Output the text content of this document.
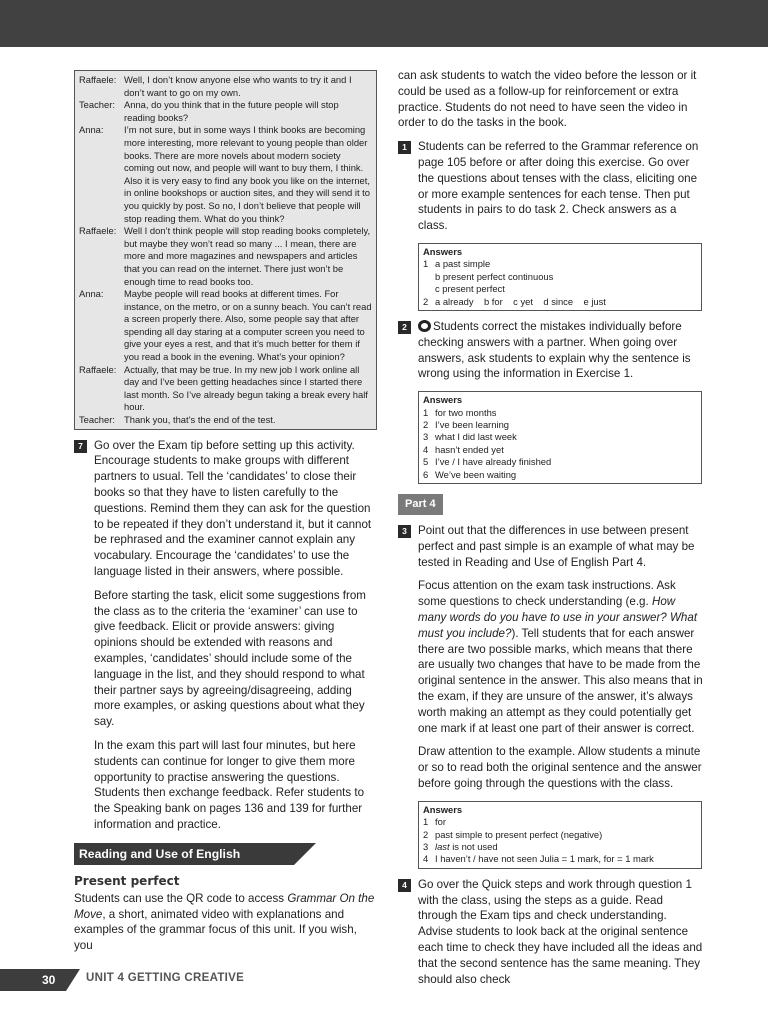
Raffaele: Well, I don’t know anyone else who wants to try it and I don’t want to go on my own.
Teacher: Anna, do you think that in the future people will stop reading books?
Anna:	I’m not sure, but in some ways I think books are becoming more interesting, more relevant to young people than older books. There are more novels about modern society coming out now, and people will want to buy them, I think. Also it is very easy to find any book you like on the internet, in online bookshops or auction sites, and they will send it to you quickly by post. So no, I don’t believe that people will stop reading them. What do you think?
Raffaele: Well I don’t think people will stop reading books completely, but maybe they won’t read so many ... I mean, there are more and more magazines and newspapers and articles that you can read on the internet. There just won’t be enough time to read books too.
Anna:	Maybe people will read books at different times. For instance, on the metro, or on a sunny beach. You can’t read a screen properly there. Also, some people say that after spending all day staring at a computer screen you need to give your eyes a rest, and that it’s much better for them if you read a book in the evening. What’s your opinion?
Raffaele: Actually, that may be true. In my new job I work online all day and I’ve been getting headaches since I started there last month. So I’ve already begun taking a break every half hour.
Teacher: Thank you, that’s the end of the test.
7 Go over the Exam tip before setting up this activity. Encourage students to make groups with different partners to usual. Tell the ‘candidates’ to close their books so that they have to listen carefully to the questions. Remind them they can ask for the question to be repeated if they don’t understand it, but it cannot be rephrased and the examiner cannot explain any vocabulary. Encourage the ‘candidates’ to use the language listed in their answers, where possible.
Before starting the task, elicit some suggestions from the class as to the criteria the ‘examiner’ can use to give feedback. Elicit or provide answers: giving opinions should be extended with reasons and examples, ‘candidates’ should include some of the language in the list, and they should respond to what their partner says by agreeing/disagreeing, adding more examples, or asking questions about what they say.
In the exam this part will last four minutes, but here students can continue for longer to give them more opportunity to practise answering the questions. Students then exchange feedback. Refer students to the Speaking bank on pages 136 and 139 for further information and practice.
Reading and Use of English
Present perfect
Students can use the QR code to access Grammar On the Move, a short, animated video with explanations and examples of the grammar focus of this unit. If you wish, you
can ask students to watch the video before the lesson or it could be used as a follow-up for reinforcement or extra practice. Students do not need to have seen the video in order to do the tasks in the book.
1 Students can be referred to the Grammar reference on page 105 before or after doing this exercise. Go over the questions about tenses with the class, eliciting one or more example sentences for each tense. Then put students in pairs to do task 2. Check answers as a class.
Answers
1 a past simple
b present perfect continuous
c present perfect
2 a already    b for    c yet    d since    e just
2	Students correct the mistakes individually before checking answers with a partner. When going over answers, ask students to explain why the sentence is wrong using the information in Exercise 1.
Answers
1 for two months
2 I’ve been learning
3 what I did last week
4 hasn’t ended yet
5 I’ve / I have already finished
6 We’ve been waiting
Part 4
3 Point out that the differences in use between present perfect and past simple is an example of what may be tested in Reading and Use of English Part 4.
Focus attention on the exam task instructions. Ask some questions to check understanding (e.g. How many words do you have to use in your answer? What must you include?). Tell students that for each answer there are two possible marks, which means that there are usually two changes that have to be made from the original sentence in the answer. This also means that in the exam, if they are unsure of the answer, it’s always worth making an attempt as they could potentially get one mark if at least one part of their answer is correct.
Draw attention to the example. Allow students a minute or so to read both the original sentence and the answer before going through the questions with the class.
Answers
1 for
2 past simple to present perfect (negative)
3 last is not used
4 I haven’t / have not seen Julia = 1 mark, for = 1 mark
4 Go over the Quick steps and work through question 1 with the class, using the steps as a guide. Read through the Exam tips and check understanding. Advise students to look back at the original sentence each time to check they have included all the ideas and that the second sentence has the same meaning. They should also check
30	UNIT 4 GETTING CREATIVE
